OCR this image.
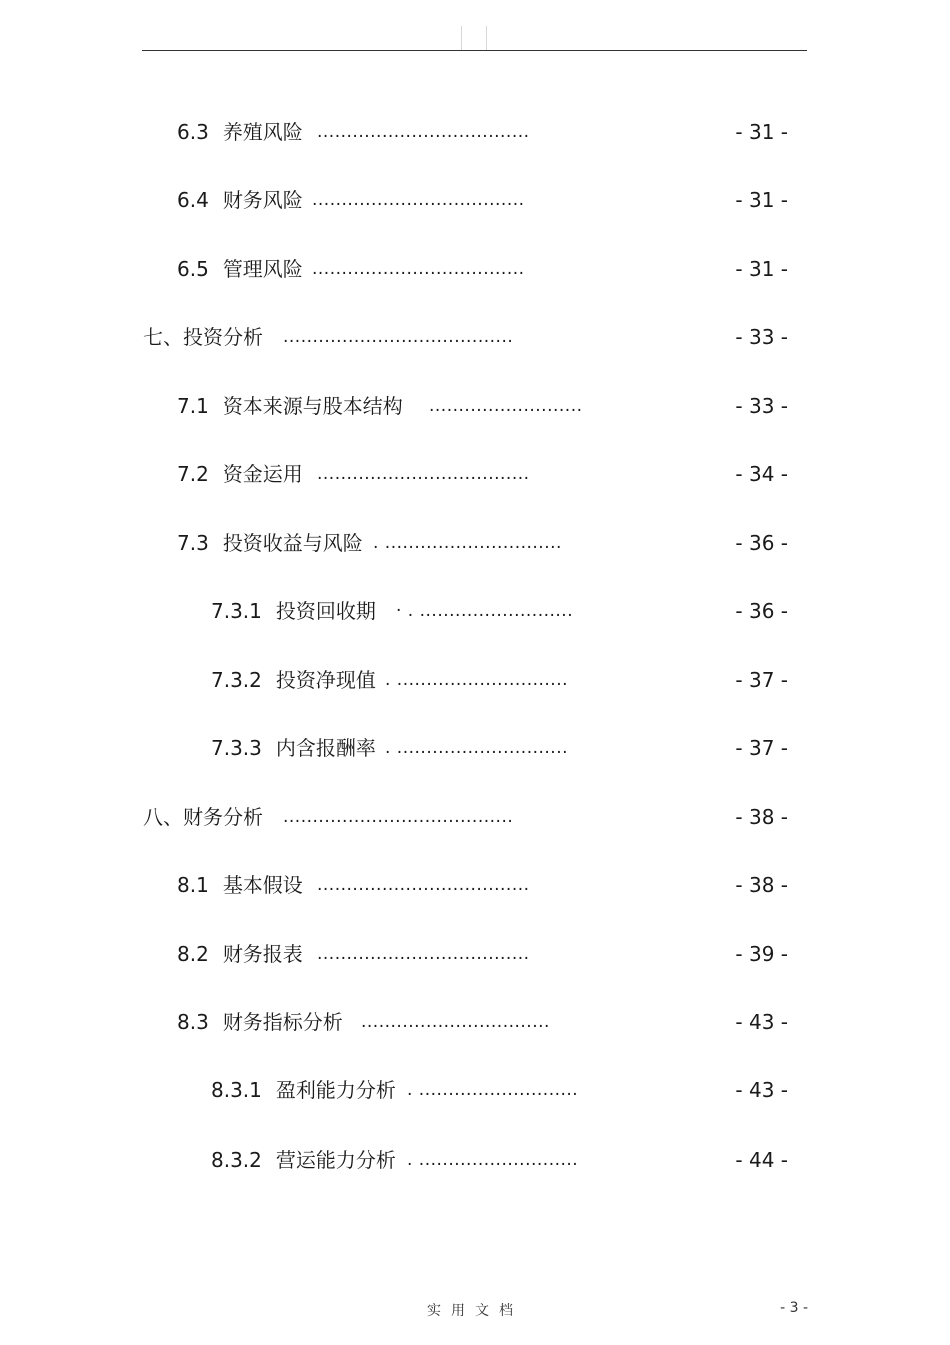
6.3 养殖风险 ....................................	- 31 -
6.4 财务风险 ....................................	- 31 -
6.5 管理风险 ....................................	- 31 -
七、投资分析 .......................................	- 33 -
7.1 资本来源与股本结构 ..........................	- 33 -
7.2 资金运用 ....................................	- 34 -
7.3 投资收益与风险 . ..............................	- 36 -
7.3.1 投资回收期 · . ..........................	- 36 -
7.3.2 投资净现值 . .............................	- 37 -
7.3.3 内含报酬率 . .............................	- 37 -
八、财务分析 .......................................	- 38 -
8.1 基本假设 ....................................	- 38 -
8.2 财务报表 ....................................	- 39 -
8.3 财务指标分析 ................................	- 43 -
8.3.1 盈利能力分析 . ...........................	- 43 -
8.3.2 营运能力分析 . ...........................	- 44 -
实用文档	- 3 -
